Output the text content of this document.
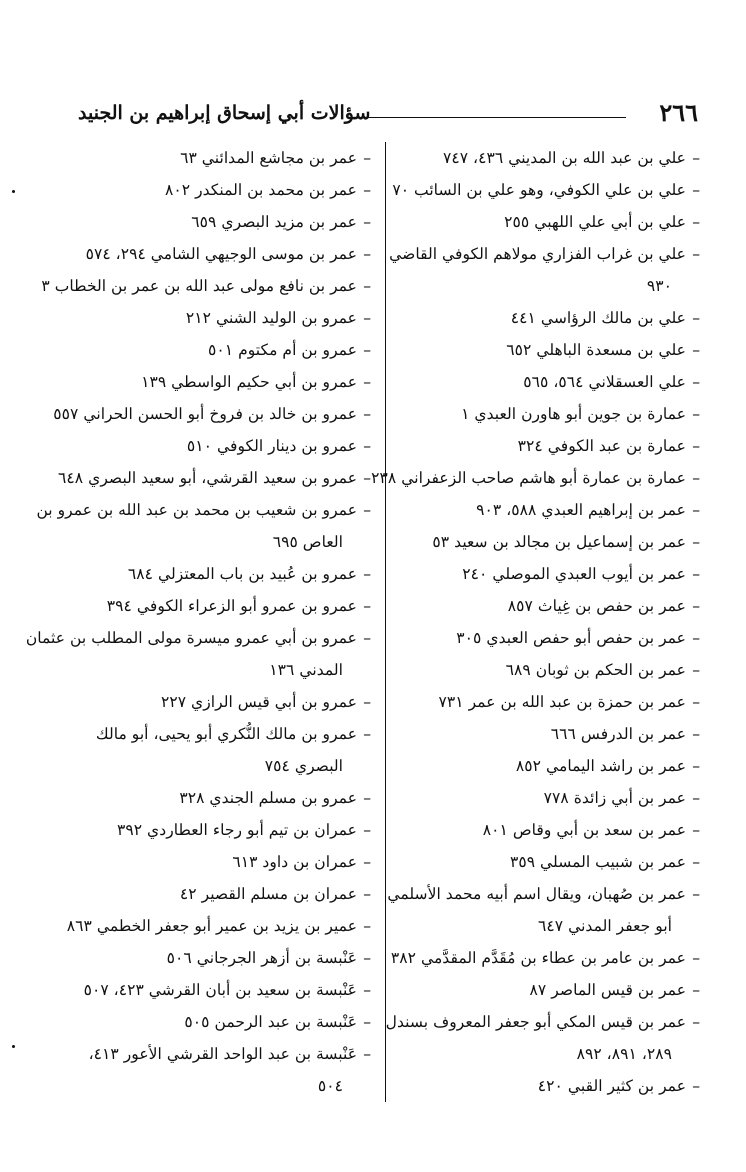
٢٦٦
سؤالات أبي إسحاق إبراهيم بن الجنيد
– علي بن عبد الله بن المديني ٤٣٦، ٧٤٧
– علي بن علي الكوفي، وهو علي بن السائب ٧٠
– علي بن أبي علي اللهبي ٢٥٥
– علي بن غراب الفزاري مولاهم الكوفي القاضي
٩٣٠
– علي بن مالك الرؤاسي ٤٤١
– علي بن مسعدة الباهلي ٦٥٢
– علي العسقلاني ٥٦٤، ٥٦٥
– عمارة بن جوين أبو هاورن العبدي ١
– عمارة بن عبد الكوفي ٣٢٤
– عمارة بن عمارة أبو هاشم صاحب الزعفراني ٢٣٨
– عمر بن إبراهيم العبدي ٥٨٨، ٩٠٣
– عمر بن إسماعيل بن مجالد بن سعيد ٥٣
– عمر بن أيوب العبدي الموصلي ٢٤٠
– عمر بن حفص بن غِياث ٨٥٧
– عمر بن حفص أبو حفص العبدي ٣٠٥
– عمر بن الحكم بن ثوبان ٦٨٩
– عمر بن حمزة بن عبد الله بن عمر ٧٣١
– عمر بن الدرفس ٦٦٦
– عمر بن راشد اليمامي ٨٥٢
– عمر بن أبي زائدة ٧٧٨
– عمر بن سعد بن أبي وقاص ٨٠١
– عمر بن شبيب المسلي ٣٥٩
– عمر بن صُهبان، ويقال اسم أبيه محمد الأسلمي
أبو جعفر المدني ٦٤٧
– عمر بن عامر بن عطاء بن مُقَدَّم المقدَّمي ٣٨٢
– عمر بن قيس الماصر ٨٧
– عمر بن قيس المكي أبو جعفر المعروف بسندل
٢٨٩، ٨٩١، ٨٩٢
– عمر بن كثير القبي ٤٢٠
– عمر بن مجاشع المدائني ٦٣
– عمر بن محمد بن المنكدر ٨٠٢
– عمر بن مزيد البصري ٦٥٩
– عمر بن موسى الوجيهي الشامي ٢٩٤، ٥٧٤
– عمر بن نافع مولى عبد الله بن عمر بن الخطاب ٣
– عمرو بن الوليد الشني ٢١٢
– عمرو بن أم مكتوم ٥٠١
– عمرو بن أبي حكيم الواسطي ١٣٩
– عمرو بن خالد بن فروخ أبو الحسن الحراني ٥٥٧
– عمرو بن دينار الكوفي ٥١٠
– عمرو بن سعيد القرشي، أبو سعيد البصري ٦٤٨
– عمرو بن شعيب بن محمد بن عبد الله بن عمرو بن
العاص ٦٩٥
– عمرو بن عُبيد بن باب المعتزلي ٦٨٤
– عمرو بن عمرو أبو الزعراء الكوفي ٣٩٤
– عمرو بن أبي عمرو ميسرة مولى المطلب بن عثمان
المدني ١٣٦
– عمرو بن أبي قيس الرازي ٢٢٧
– عمرو بن مالك النُّكري أبو يحيى، أبو مالك
البصري ٧٥٤
– عمرو بن مسلم الجندي ٣٢٨
– عمران بن تيم أبو رجاء العطاردي ٣٩٢
– عمران بن داود ٦١٣
– عمران بن مسلم القصير ٤٢
– عمير بن يزيد بن عمير أبو جعفر الخطمي ٨٦٣
– عَنْبسة بن أزهر الجرجاني ٥٠٦
– عَنْبسة بن سعيد بن أبان القرشي ٤٢٣، ٥٠٧
– عَنْبسة بن عبد الرحمن ٥٠٥
– عَنْبسة بن عبد الواحد القرشي الأعور ٤١٣،
٥٠٤
